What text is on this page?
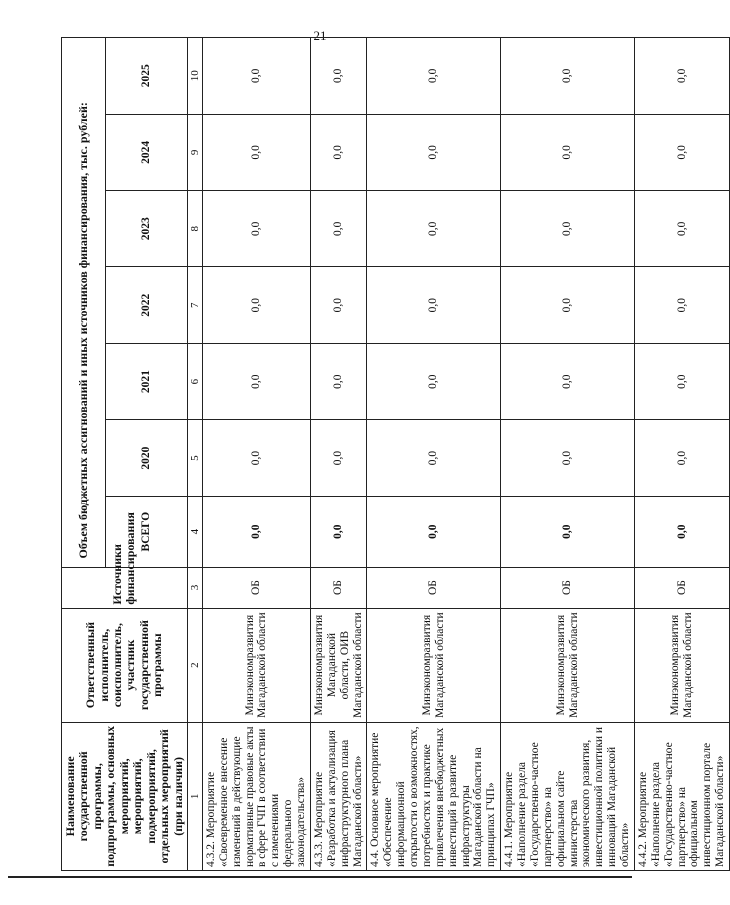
21
Наименование государственной программы, подпрограммы, основных мероприятий, мероприятий, подмероприятий, отдельных мероприятий (при наличии)	Ответственный исполнитель, соисполнитель, участник государственной программы	Источники финансирования	Объем бюджетных ассигнований и иных источников финансирования, тыс. рублей:						
			ВСЕГО	2020	2021	2022	2023	2024	2025
1	2	3	4	5	6	7	8	9	10
4.3.2. Мероприятие «Своевременное внесение изменений в действующие нормативные правовые акты в сфере ГЧП в соответствии с изменениями федерального законодательства»	Минэкономразвития Магаданской области	ОБ	0,0	0,0	0,0	0,0	0,0	0,0	0,0
4.3.3. Мероприятие «Разработка и актуализация инфраструктурного плана Магаданской области»	Минэкономразвития Магаданской области, ОИВ Магаданской области	ОБ	0,0	0,0	0,0	0,0	0,0	0,0	0,0
4.4. Основное мероприятие «Обеспечение информационной открытости о возможностях, потребностях и практике привлечения внебюджетных инвестиций в развитие инфраструктуры Магаданской области на принципах ГЧП»	Минэкономразвития Магаданской области	ОБ	0,0	0,0	0,0	0,0	0,0	0,0	0,0
4.4.1. Мероприятие «Наполнение раздела «Государственно-частное партнерство» на официальном сайте министерства экономического развития, инвестиционной политики и инноваций Магаданской области»	Минэкономразвития Магаданской области	ОБ	0,0	0,0	0,0	0,0	0,0	0,0	0,0
4.4.2. Мероприятие «Наполнение раздела «Государственно-частное партнерство» на официальном инвестиционном портале Магаданской области»	Минэкономразвития Магаданской области	ОБ	0,0	0,0	0,0	0,0	0,0	0,0	0,0
